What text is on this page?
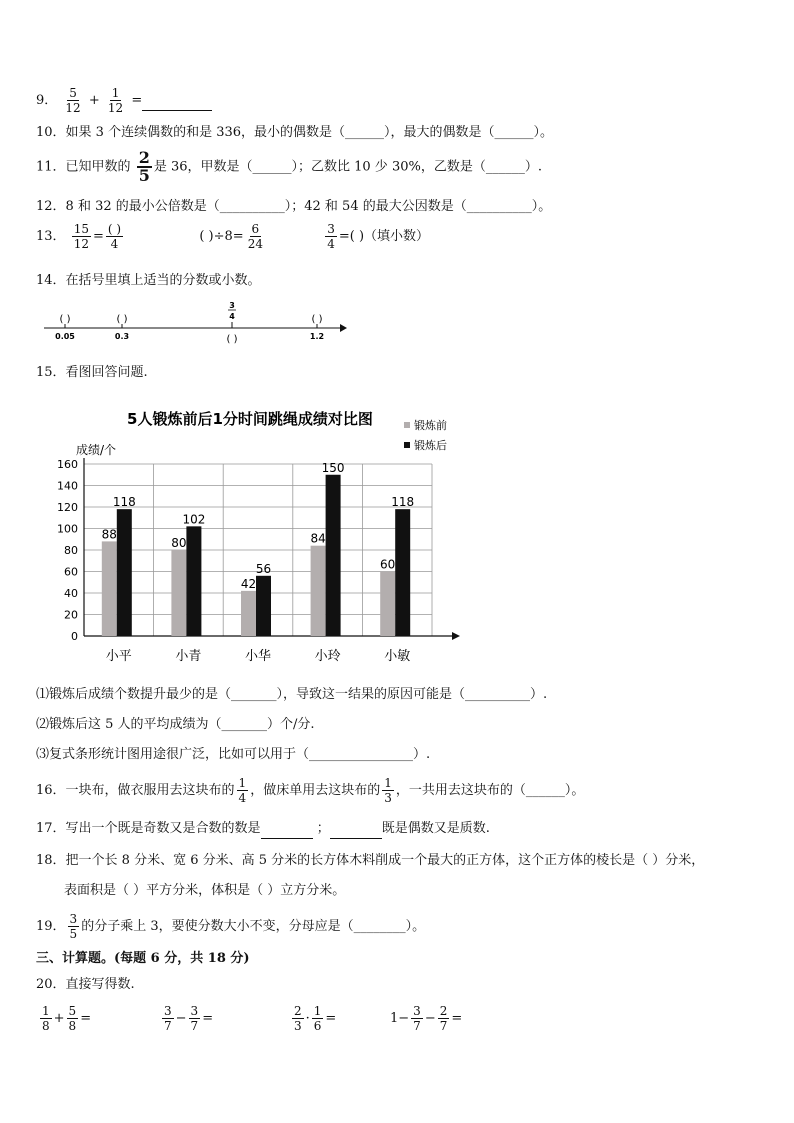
9． $\frac{5}{12} + \frac{1}{12}$ =
10．如果 3 个连续偶数的和是 336，最小的偶数是（______），最大的偶数是（______）。
11．已知甲数的 $\frac{2}{5}$ 是 36，甲数是（______）；乙数比 10 少 30%，乙数是（______）.
12．8 和 32 的最小公倍数是（__________）；42 和 54 的最大公因数是（__________）。
13． $\frac{15}{12} = \frac{( )}{4}$	( )$\div 8= \frac{6}{24}$
	$\frac{3}{4}$ =( )（填小数）
14．在括号里填上适当的分数或小数。
( )	( )	( )
( )
0.05	0.3	1.2
3
4
15．看图回答问题.
0
20
40
60
80
100
120
140
160
88
118
小平
80
102
小青
42
56
小华
84
150
小玲
60
118
小敏
5人锻炼前后1分时间跳绳成绩对比图
成绩/个
锻炼前
锻炼后
⑴锻炼后成绩个数提升最少的是（_______），导致这一结果的原因可能是（__________）.
⑵锻炼后这 5 人的平均成绩为（_______）个/分.
⑶复式条形统计图用途很广泛，比如可以用于（________________）.
16．一块布，做衣服用去这块布的 $\frac{1}{4}$ ，做床单用去这块布的 $\frac{1}{3}$ ，一共用去这块布的（______）。
17．写出一个既是奇数又是合数的数是	；	既是偶数又是质数.
18．把一个长 8 分米、宽 6 分米、高 5 分米的长方体木料削成一个最大的正方体，这个正方体的棱长是（ ）分米，
表面积是（ ）平方分米，体积是（ ）立方分米。
19． $\frac{3}{5}$ 的分子乘上 3，要使分数大小不变，分母应是（________）。
三、计算题。(每题 6 分，共 18 分)
20．直接写得数.
$\frac{1}{8} + \frac{5}{8}$ =	$\frac{3}{7} - \frac{3}{7}$ =	$\frac{2}{3} \cdot \frac{1}{6}$ =	$1- \frac{3}{7} - \frac{2}{7}$ =
